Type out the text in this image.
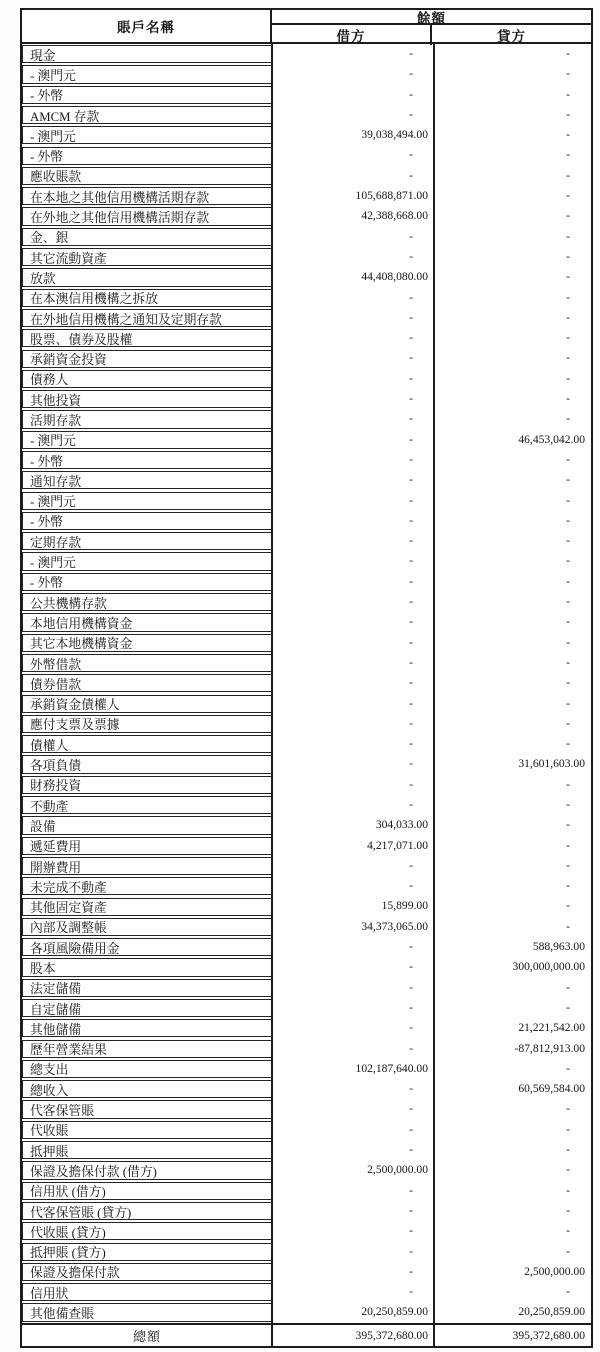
賬戶名稱
餘額
借方	貸方
現金	-	-
- 澳門元	-	-
- 外幣	-	-
AMCM 存款	-	-
- 澳門元	39,038,494.00	-
- 外幣	-	-
應收賬款	-	-
在本地之其他信用機構活期存款	105,688,871.00	-
在外地之其他信用機構活期存款	42,388,668.00	-
金、銀	-	-
其它流動資產	-	-
放款	44,408,080.00	-
在本澳信用機構之拆放	-	-
在外地信用機構之通知及定期存款	-	-
股票、債券及股權	-	-
承銷資金投資	-	-
債務人	-	-
其他投資	-	-
活期存款	-	-
- 澳門元	-	46,453,042.00
- 外幣	-	-
通知存款	-	-
- 澳門元	-	-
- 外幣	-	-
定期存款	-	-
- 澳門元	-	-
- 外幣	-	-
公共機構存款	-	-
本地信用機構資金	-	-
其它本地機構資金	-	-
外幣借款	-	-
債券借款	-	-
承銷資金債權人	-	-
應付支票及票據	-	-
債權人	-	-
各項負債	-	31,601,603.00
財務投資	-	-
不動產	-	-
設備	304,033.00	-
遞延費用	4,217,071.00	-
開辦費用	-	-
未完成不動產	-	-
其他固定資產	15,899.00	-
內部及調整帳	34,373,065.00	-
各項風險備用金	-	588,963.00
股本	-	300,000,000.00
法定儲備	-	-
自定儲備	-	-
其他儲備	-	21,221,542.00
歷年營業結果	-	-87,812,913.00
總支出	102,187,640.00	-
總收入	-	60,569,584.00
代客保管賬	-	-
代收賬	-	-
抵押賬	-	-
保證及擔保付款 (借方)	2,500,000.00	-
信用狀 (借方)	-	-
代客保管賬 (貸方)	-	-
代收賬 (貸方)	-	-
抵押賬 (貸方)	-	-
保證及擔保付款	-	2,500,000.00
信用狀	-	-
其他備查賬	20,250,859.00	20,250,859.00
總額	395,372,680.00	395,372,680.00
